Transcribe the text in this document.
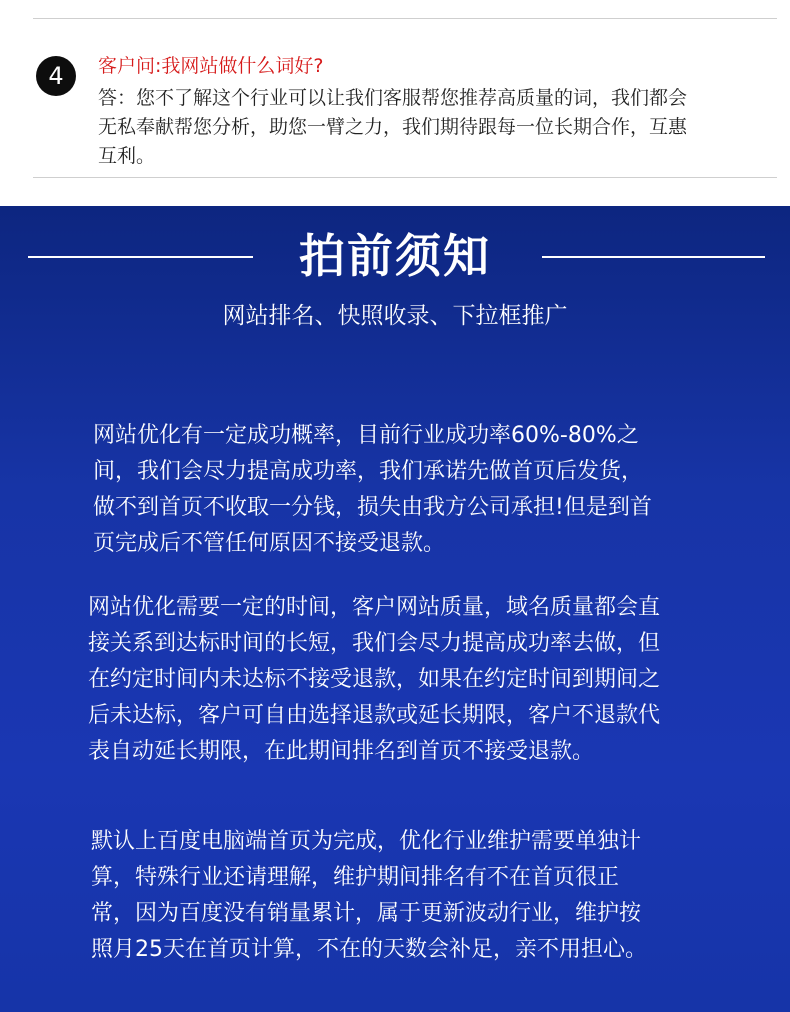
4	客户问:我网站做什么词好?
答：您不了解这个行业可以让我们客服帮您推荐高质量的词，我们都会
无私奉献帮您分析，助您一臂之力，我们期待跟每一位长期合作，互惠
互利。
拍前须知
网站排名、快照收录、下拉框推广
网站优化有一定成功概率，目前行业成功率60%-80%之
间，我们会尽力提高成功率，我们承诺先做首页后发货，
做不到首页不收取一分钱，损失由我方公司承担!但是到首
页完成后不管任何原因不接受退款。
网站优化需要一定的时间，客户网站质量，域名质量都会直
接关系到达标时间的长短，我们会尽力提高成功率去做，但
在约定时间内未达标不接受退款，如果在约定时间到期间之
后未达标，客户可自由选择退款或延长期限，客户不退款代
表自动延长期限，在此期间排名到首页不接受退款。
默认上百度电脑端首页为完成，优化行业维护需要单独计
算，特殊行业还请理解，维护期间排名有不在首页很正
常，因为百度没有销量累计，属于更新波动行业，维护按
照月25天在首页计算，不在的天数会补足，亲不用担心。
